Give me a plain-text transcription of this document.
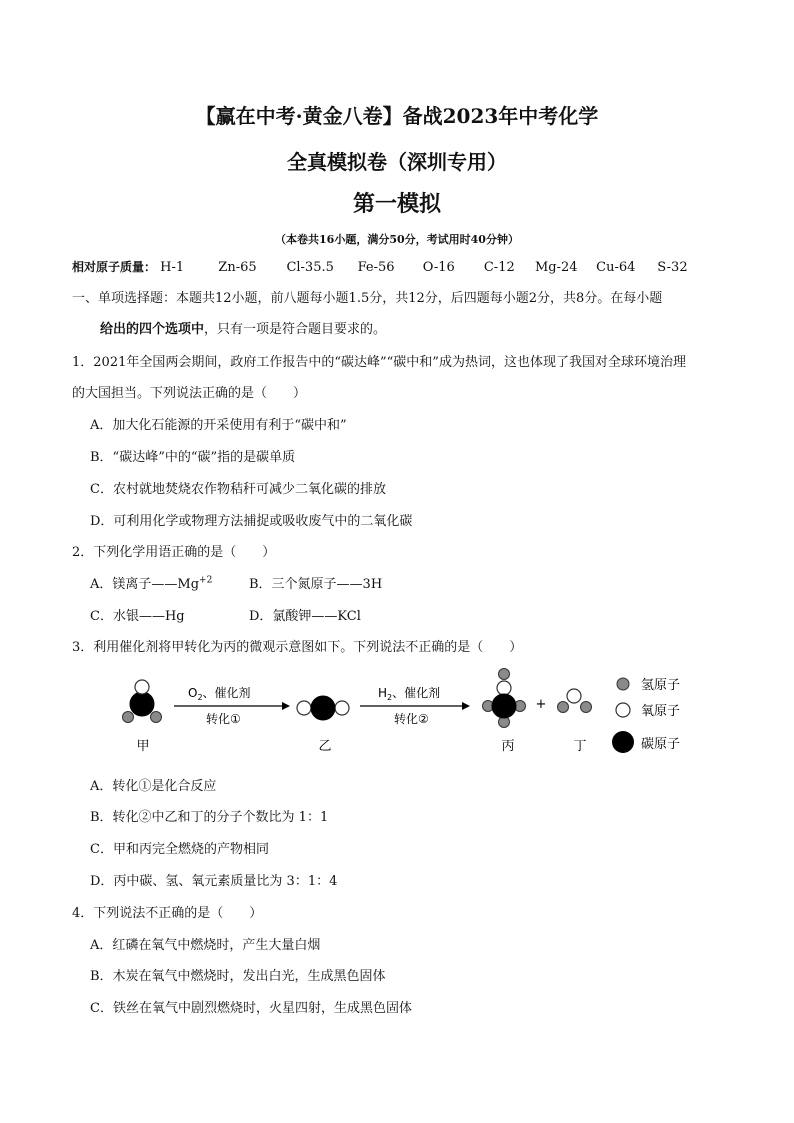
【赢在中考·黄金八卷】备战2023年中考化学
全真模拟卷（深圳专用）
第一模拟
（本卷共16小题，满分50分，考试用时40分钟）
相对原子质量： H-1	Zn-65 Cl-35.5 Fe-56 O-16 C-12 Mg-24 Cu-64 S-32
一、单项选择题：本题共12小题，前八题每小题1.5分，共12分，后四题每小题2分，共8分。在每小题
给出的四个选项中，只有一项是符合题目要求的。
1．2021年全国两会期间，政府工作报告中的“碳达峰”“碳中和”成为热词，这也体现了我国对全球环境治理
的大国担当。下列说法正确的是（　　）
A．加大化石能源的开采使用有利于“碳中和”
B．“碳达峰”中的“碳”指的是碳单质
C．农村就地焚烧农作物秸秆可减少二氧化碳的排放
D．可利用化学或物理方法捕捉或吸收废气中的二氧化碳
2．下列化学用语正确的是（　　）
A．镁离子$——Mg^{+2}$	B．三个氮原子——3H
C．水银——Hg	D．氯酸钾——KCl
3．利用催化剂将甲转化为丙的微观示意图如下。下列说法不正确的是（　　）
甲
$O_2$、催化剂
转化①
乙
$H_2$、催化剂
转化②
丙
+
丁
氢原子
氧原子
碳原子
A．转化①是化合反应
B．转化②中乙和丁的分子个数比为 1：1
C．甲和丙完全燃烧的产物相同
D．丙中碳、氢、氧元素质量比为 3：1：4
4．下列说法不正确的是（　　）
A．红磷在氧气中燃烧时，产生大量白烟
B．木炭在氧气中燃烧时，发出白光，生成黑色固体
C．铁丝在氧气中剧烈燃烧时，火星四射，生成黑色固体
